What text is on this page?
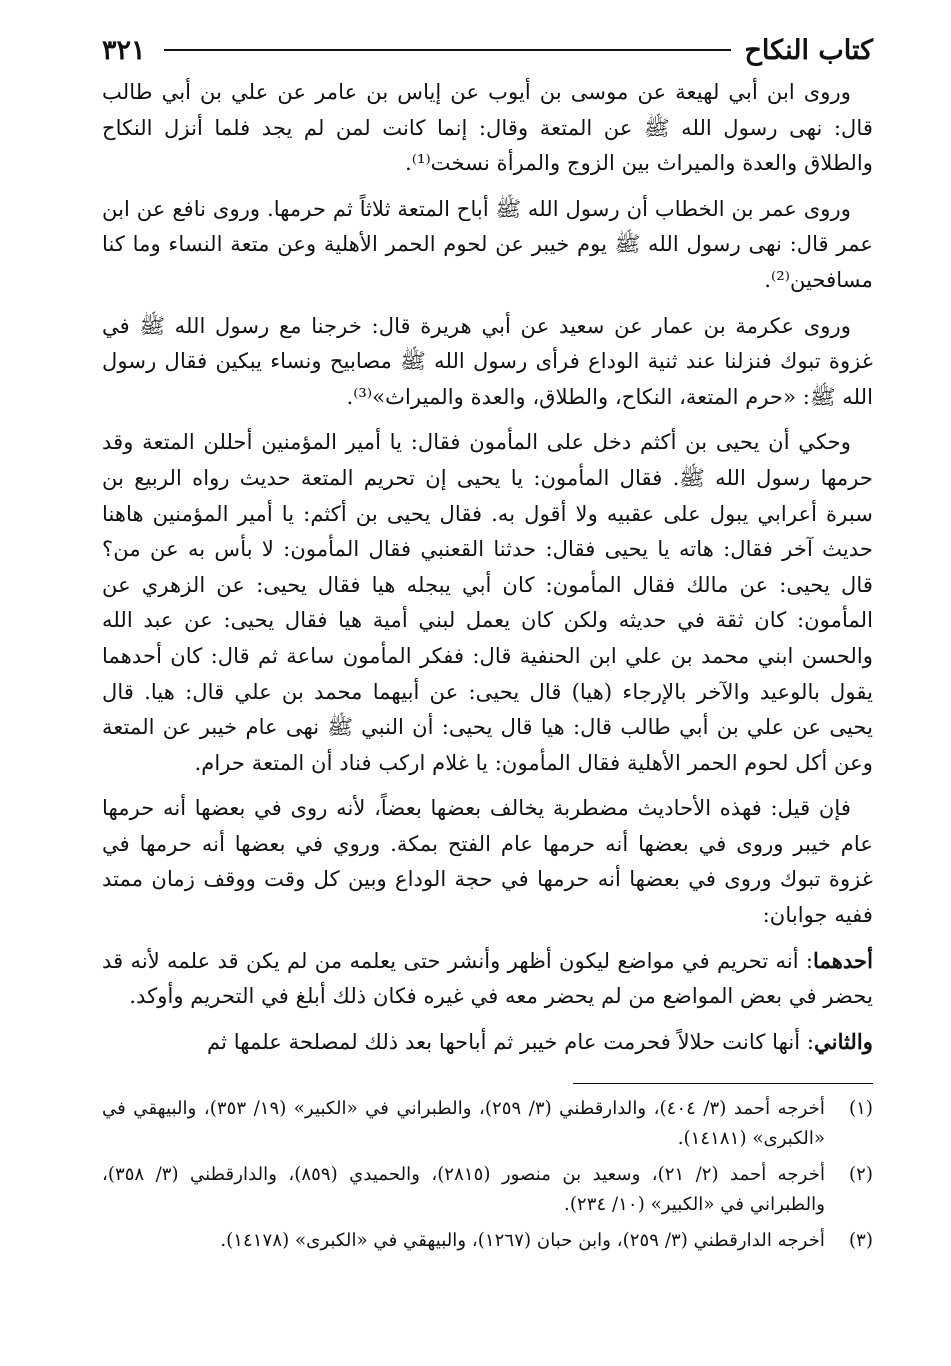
كتاب النكاح
٣٢١

وروى ابن أبي لهيعة عن موسى بن أيوب عن إياس بن عامر عن علي بن أبي طالب قال: نهى رسول الله ﷺ عن المتعة وقال: إنما كانت لمن لم يجد فلما أنزل النكاح والطلاق والعدة والميراث بين الزوج والمرأة نسخت⁽¹⁾.

وروى عمر بن الخطاب أن رسول الله ﷺ أباح المتعة ثلاثاً ثم حرمها. وروى نافع عن ابن عمر قال: نهى رسول الله ﷺ يوم خيبر عن لحوم الحمر الأهلية وعن متعة النساء وما كنا مسافحين⁽²⁾.

وروى عكرمة بن عمار عن سعيد عن أبي هريرة قال: خرجنا مع رسول الله ﷺ في غزوة تبوك فنزلنا عند ثنية الوداع فرأى رسول الله ﷺ مصابيح ونساء يبكين فقال رسول الله ﷺ: «حرم المتعة، النكاح، والطلاق، والعدة والميراث»⁽³⁾.

وحكي أن يحيى بن أكثم دخل على المأمون فقال: يا أمير المؤمنين أحللن المتعة وقد حرمها رسول الله ﷺ. فقال المأمون: يا يحيى إن تحريم المتعة حديث رواه الربيع بن سبرة أعرابي يبول على عقبيه ولا أقول به. فقال يحيى بن أكثم: يا أمير المؤمنين هاهنا حديث آخر فقال: هاته يا يحيى فقال: حدثنا القعنبي فقال المأمون: لا بأس به عن من؟ قال يحيى: عن مالك فقال المأمون: كان أبي يبجله هيا فقال يحيى: عن الزهري عن المأمون: كان ثقة في حديثه ولكن كان يعمل لبني أمية هيا فقال يحيى: عن عبد الله والحسن ابني محمد بن علي ابن الحنفية قال: ففكر المأمون ساعة ثم قال: كان أحدهما يقول بالوعيد والآخر بالإرجاء (هيا) قال يحيى: عن أبيهما محمد بن علي قال: هيا. قال يحيى عن علي بن أبي طالب قال: هيا قال يحيى: أن النبي ﷺ نهى عام خيبر عن المتعة وعن أكل لحوم الحمر الأهلية فقال المأمون: يا غلام اركب فناد أن المتعة حرام.

فإن قيل: فهذه الأحاديث مضطربة يخالف بعضها بعضاً، لأنه روى في بعضها أنه حرمها عام خيبر وروى في بعضها أنه حرمها عام الفتح بمكة. وروي في بعضها أنه حرمها في غزوة تبوك وروى في بعضها أنه حرمها في حجة الوداع وبين كل وقت ووقف زمان ممتد ففيه جوابان:

أحدهما: أنه تحريم في مواضع ليكون أظهر وأنشر حتى يعلمه من لم يكن قد علمه لأنه قد يحضر في بعض المواضع من لم يحضر معه في غيره فكان ذلك أبلغ في التحريم وأوكد.

والثاني: أنها كانت حلالاً فحرمت عام خيبر ثم أباحها بعد ذلك لمصلحة علمها ثم

(١)
أخرجه أحمد (٣/ ٤٠٤)، والدارقطني (٣/ ٢٥٩)، والطبراني في «الكبير» (١٩/ ٣٥٣)، والبيهقي في «الكبرى» (١٤١٨١).
(٢)
أخرجه أحمد (٢/ ٢١)، وسعيد بن منصور (٢٨١٥)، والحميدي (٨٥٩)، والدارقطني (٣/ ٣٥٨)، والطبراني في «الكبير» (١٠/ ٢٣٤).
(٣)
أخرجه الدارقطني (٣/ ٢٥٩)، وابن حبان (١٢٦٧)، والبيهقي في «الكبرى» (١٤١٧٨).
